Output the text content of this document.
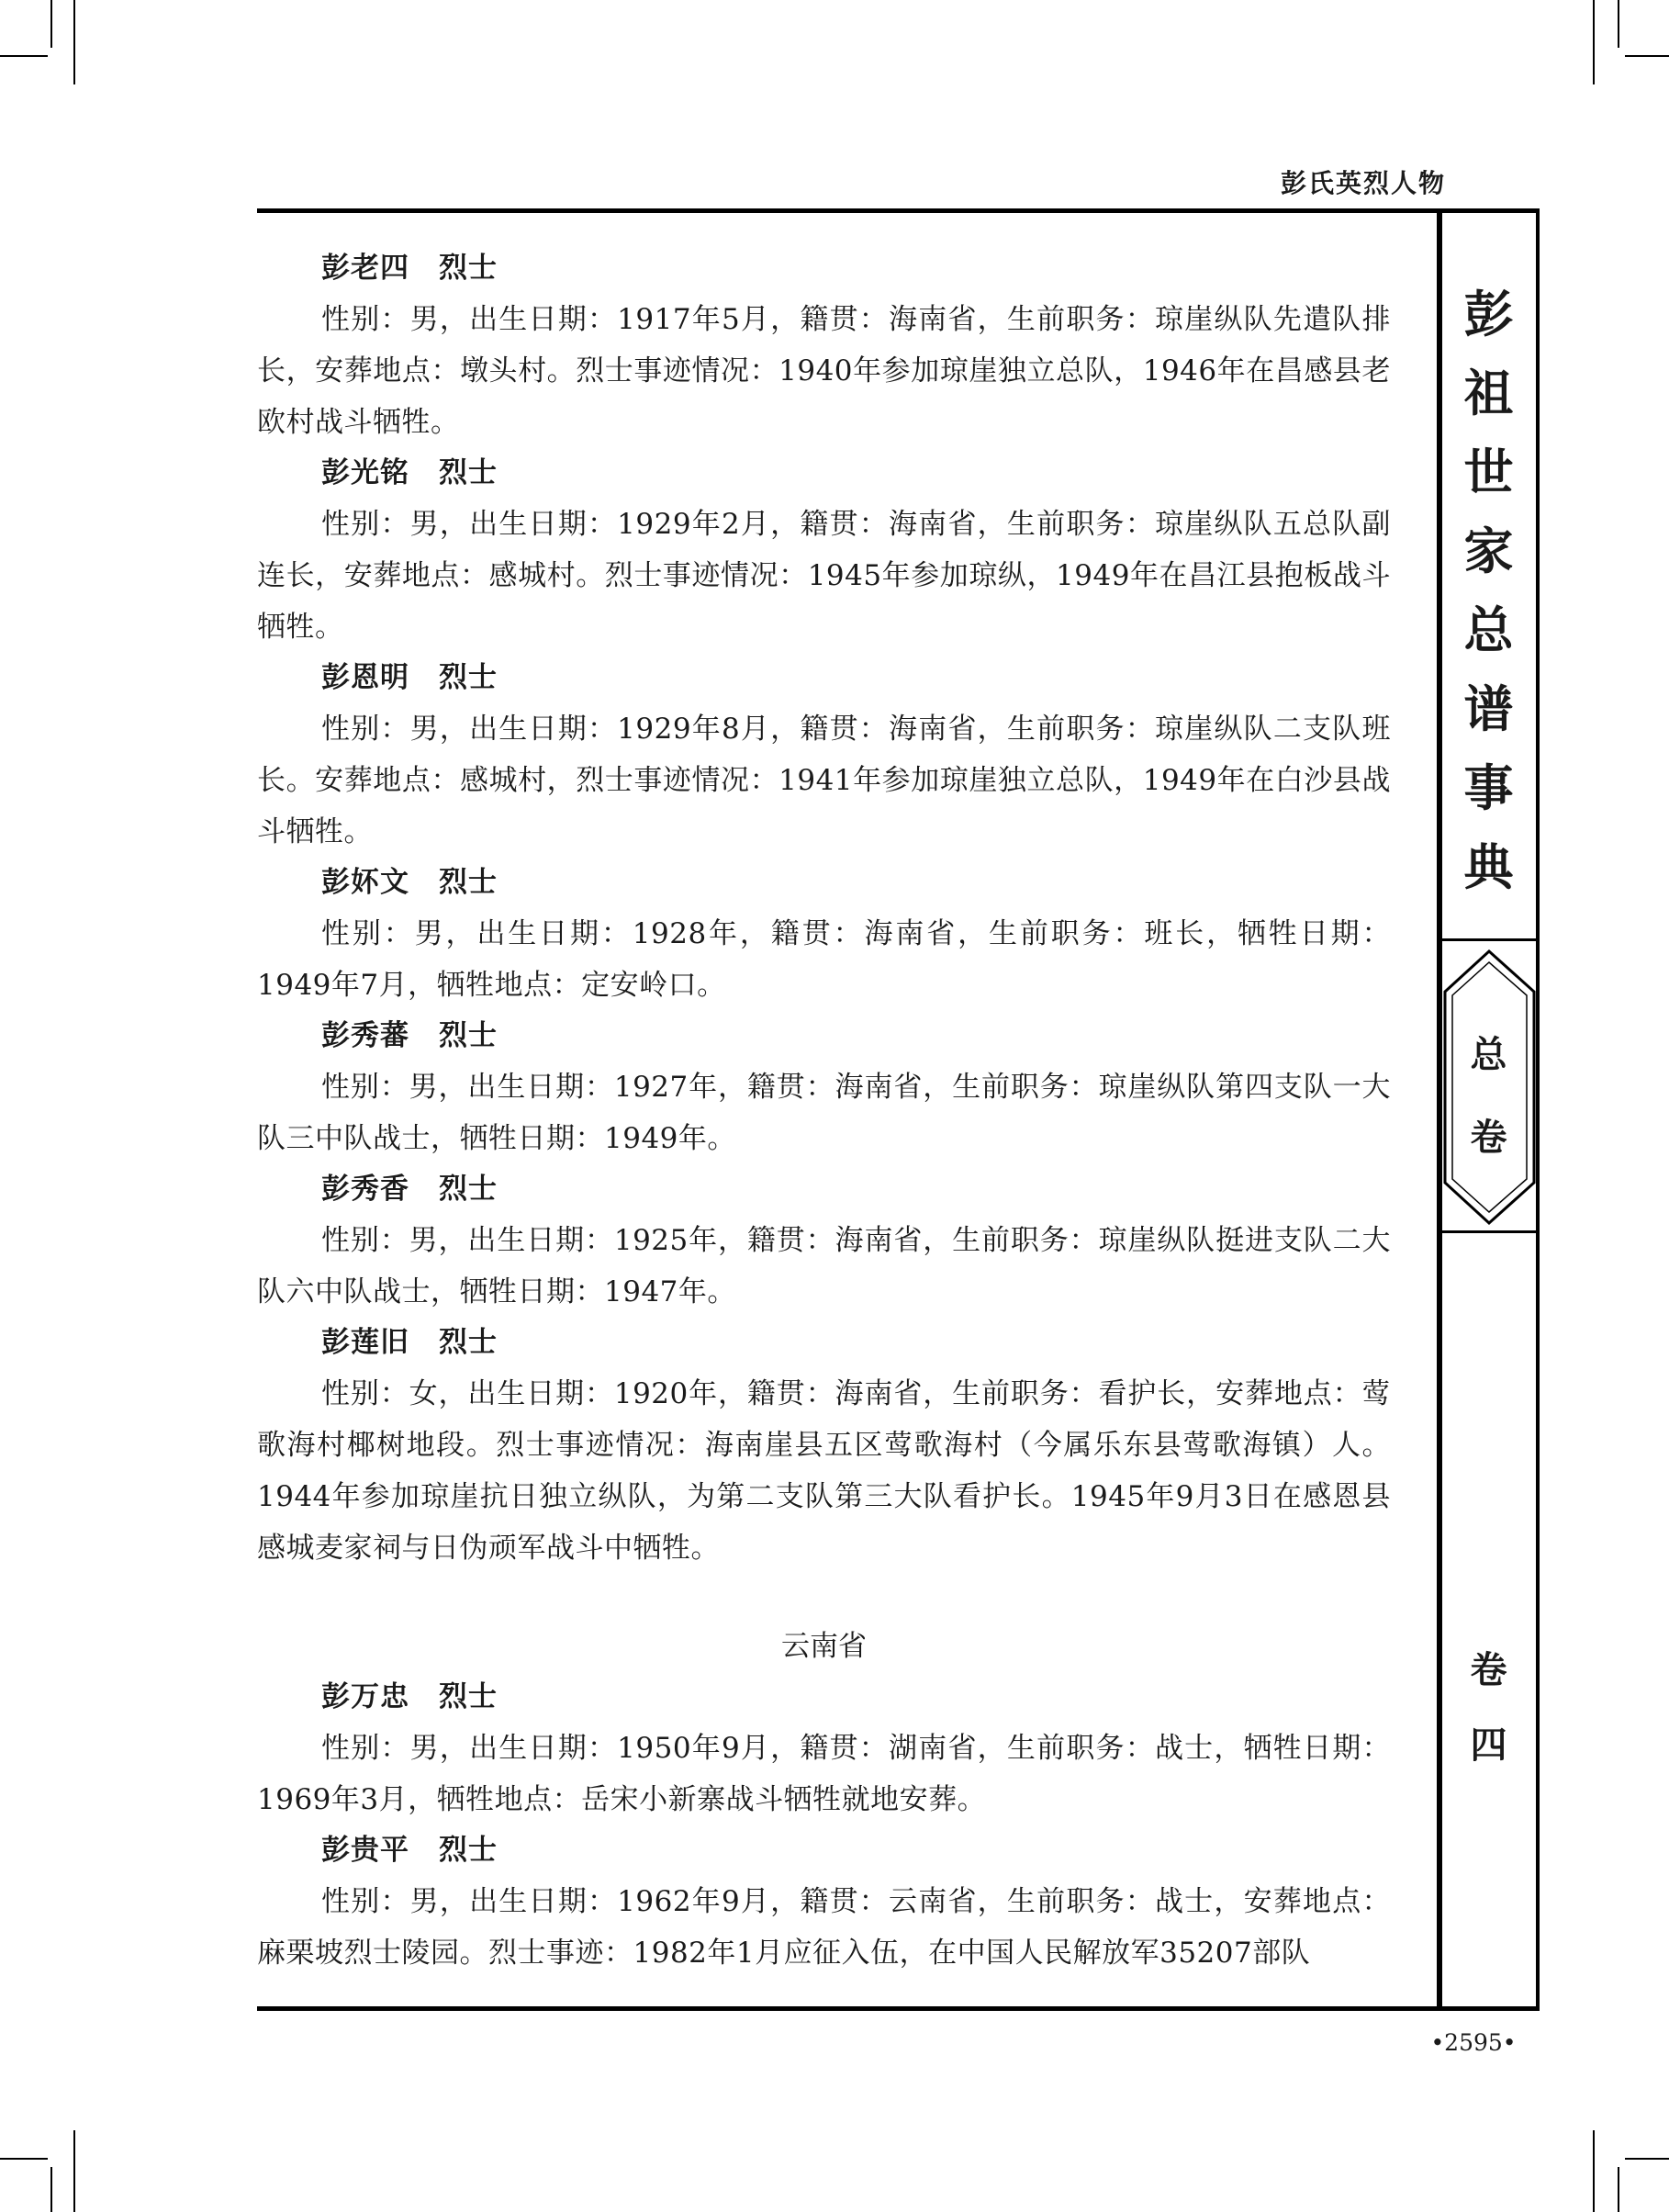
彭氏英烈人物
彭
祖
世
家
总
谱
事
典
总
卷
卷
四
彭老四　烈士
性别：男，出生日期：1917年5月，籍贯：海南省，生前职务：琼崖纵队先遣队排长，安葬地点：墩头村。烈士事迹情况：1940年参加琼崖独立总队，1946年在昌感县老欧村战斗牺牲。
彭光铭　烈士
性别：男，出生日期：1929年2月，籍贯：海南省，生前职务：琼崖纵队五总队副连长，安葬地点：感城村。烈士事迹情况：1945年参加琼纵，1949年在昌江县抱板战斗牺牲。
彭恩明　烈士
性别：男，出生日期：1929年8月，籍贯：海南省，生前职务：琼崖纵队二支队班长。安葬地点：感城村，烈士事迹情况：1941年参加琼崖独立总队，1949年在白沙县战斗牺牲。
彭妚文　烈士
性别：男，出生日期：1928年，籍贯：海南省，生前职务：班长，牺牲日期：1949年7月，牺牲地点：定安岭口。
彭秀蕃　烈士
性别：男，出生日期：1927年，籍贯：海南省，生前职务：琼崖纵队第四支队一大队三中队战士，牺牲日期：1949年。
彭秀香　烈士
性别：男，出生日期：1925年，籍贯：海南省，生前职务：琼崖纵队挺进支队二大队六中队战士，牺牲日期：1947年。
彭莲旧　烈士
性别：女，出生日期：1920年，籍贯：海南省，生前职务：看护长，安葬地点：莺歌海村椰树地段。烈士事迹情况：海南崖县五区莺歌海村（今属乐东县莺歌海镇）人。1944年参加琼崖抗日独立纵队，为第二支队第三大队看护长。1945年9月3日在感恩县感城麦家祠与日伪顽军战斗中牺牲。
云南省
彭万忠　烈士
性别：男，出生日期：1950年9月，籍贯：湖南省，生前职务：战士，牺牲日期：1969年3月，牺牲地点：岳宋小新寨战斗牺牲就地安葬。
彭贵平　烈士
性别：男，出生日期：1962年9月，籍贯：云南省，生前职务：战士，安葬地点：麻栗坡烈士陵园。烈士事迹：1982年1月应征入伍，在中国人民解放军35207部队
•2595•
